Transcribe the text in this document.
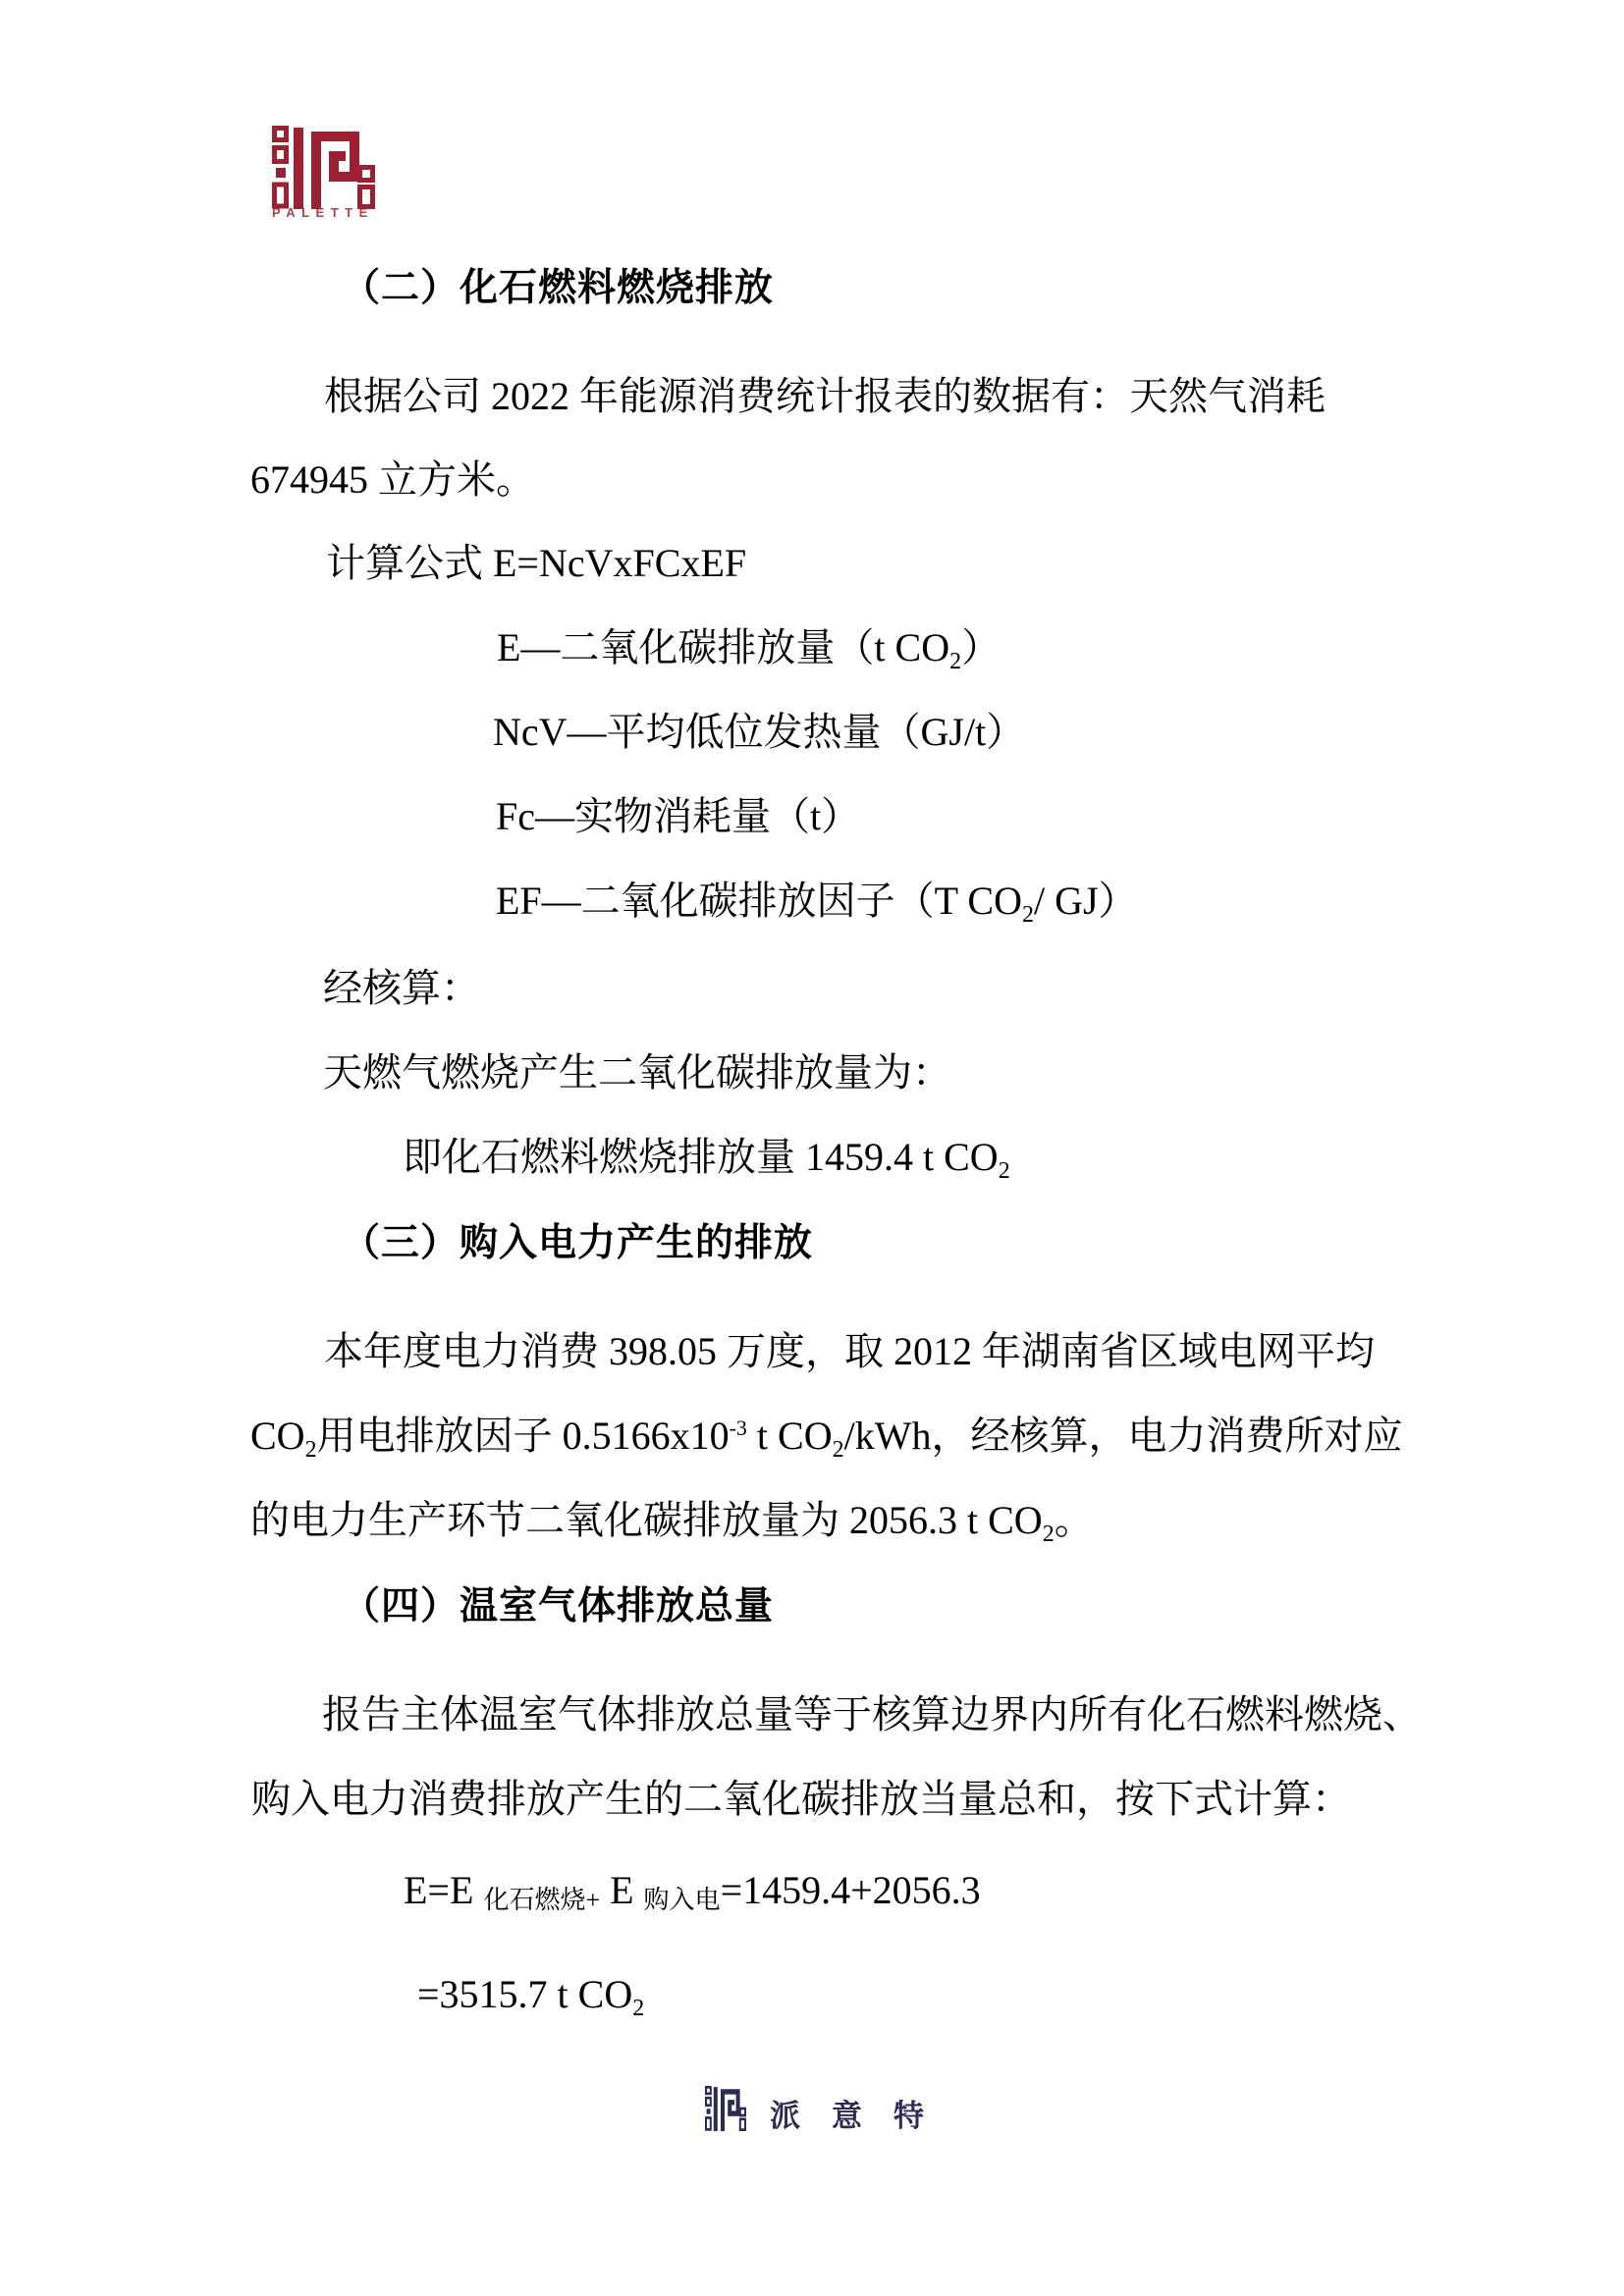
PALETTE
（二）化石燃料燃烧排放
根据公司 2022 年能源消费统计报表的数据有：天然气消耗
674945 立方米。
计算公式 E=NcVxFCxEF
E—二氧化碳排放量（t $CO_2$）
NcV—平均低位发热量（GJ/t）
Fc—实物消耗量（t）
EF—二氧化碳排放因子（T $CO_2/$ GJ）
经核算：
天燃气燃烧产生二氧化碳排放量为：
即化石燃料燃烧排放量 1459.4 t $CO_2$
（三）购入电力产生的排放
本年度电力消费 398.05 万度，取 2012 年湖南省区域电网平均
$CO_2$用电排放因子 $0.5166x10^{-3}$ t $CO_2$/kWh，经核算，电力消费所对应
的电力生产环节二氧化碳排放量为 2056.3 t $CO_2$。
（四）温室气体排放总量
报告主体温室气体排放总量等于核算边界内所有化石燃料燃烧、
购入电力消费排放产生的二氧化碳排放当量总和，按下式计算：
E=E 化石燃烧+ E 购入电=1459.4+2056.3
=3515.7 t $CO_2$
派意特
